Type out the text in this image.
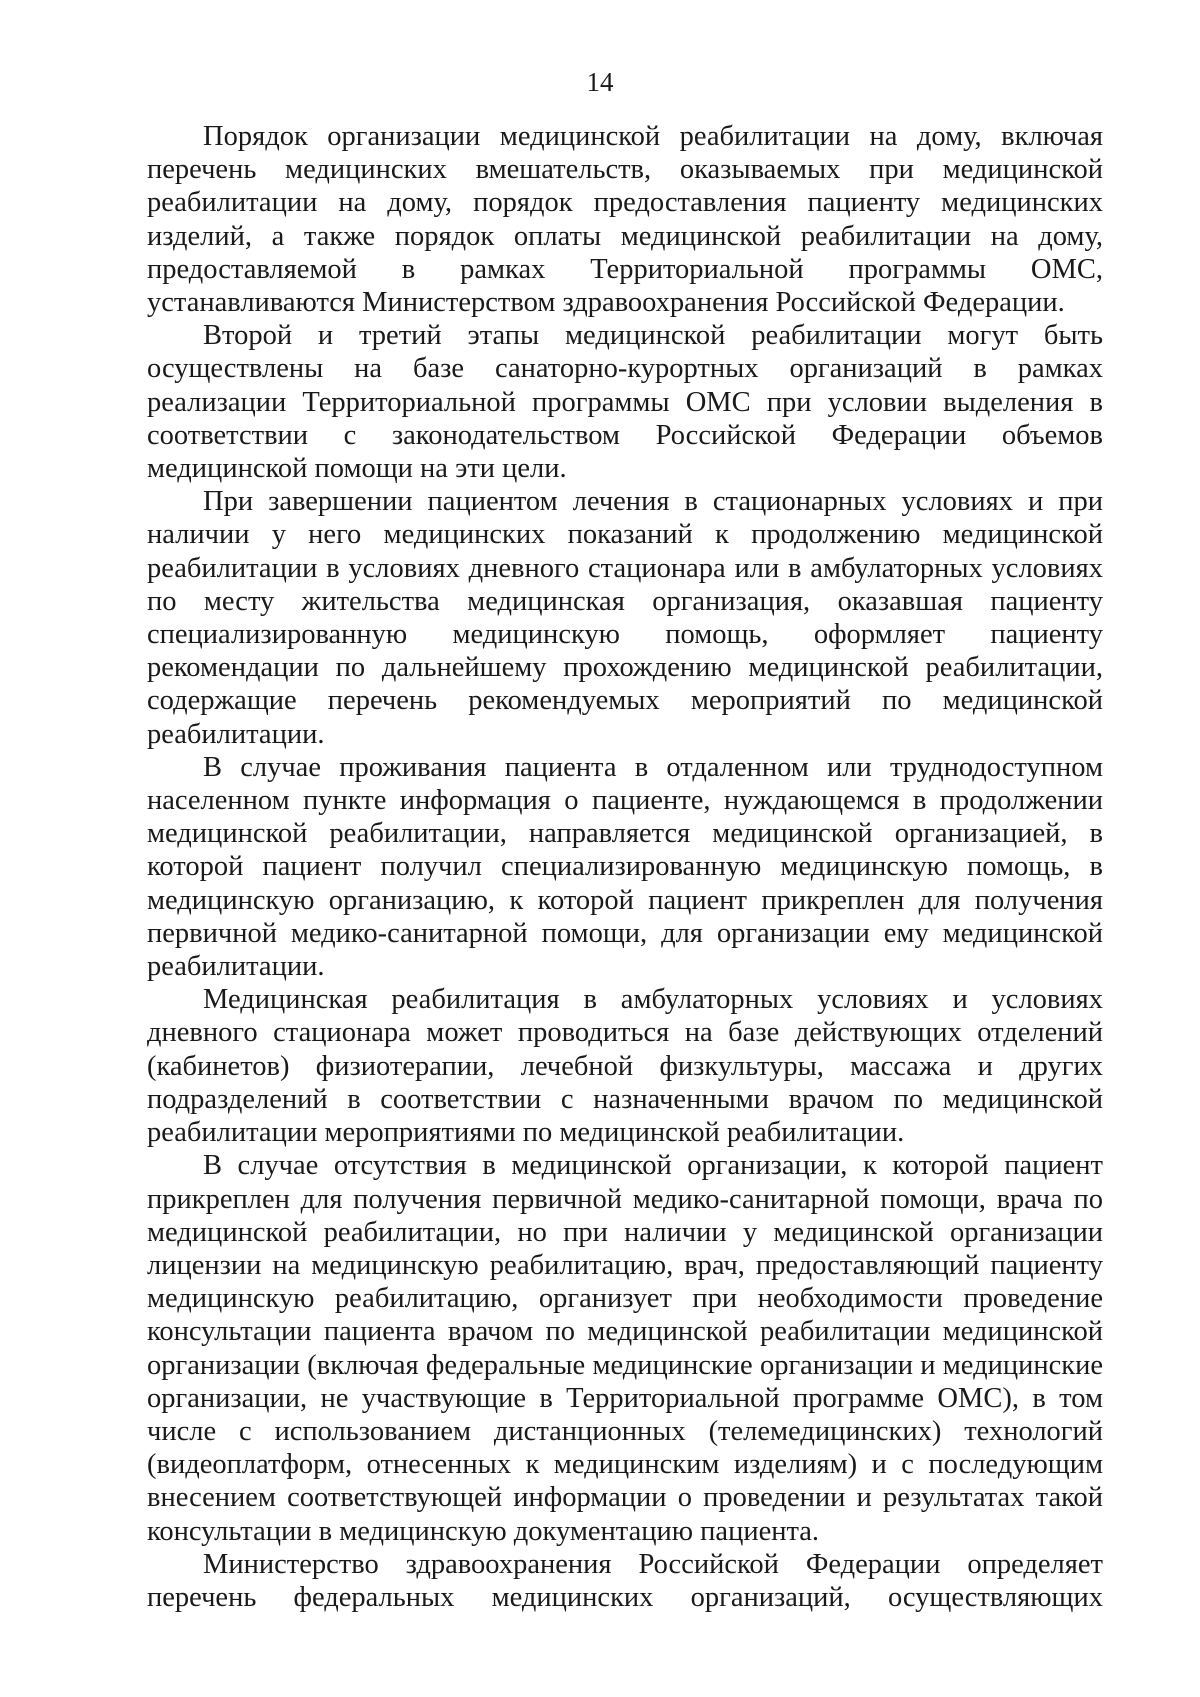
14

Порядок организации медицинской реабилитации на дому, включая перечень медицинских вмешательств, оказываемых при медицинской реабилитации на дому, порядок предоставления пациенту медицинских изделий, а также порядок оплаты медицинской реабилитации на дому, предоставляемой в рамках Территориальной программы ОМС, устанавливаются Министерством здравоохранения Российской Федерации.

Второй и третий этапы медицинской реабилитации могут быть осуществлены на базе санаторно-курортных организаций в рамках реализации Территориальной программы ОМС при условии выделения в соответствии с законодательством Российской Федерации объемов медицинской помощи на эти цели.

При завершении пациентом лечения в стационарных условиях и при наличии у него медицинских показаний к продолжению медицинской реабилитации в условиях дневного стационара или в амбулаторных условиях по месту жительства медицинская организация, оказавшая пациенту специализированную медицинскую помощь, оформляет пациенту рекомендации по дальнейшему прохождению медицинской реабилитации, содержащие перечень рекомендуемых мероприятий по медицинской реабилитации.

В случае проживания пациента в отдаленном или труднодоступном населенном пункте информация о пациенте, нуждающемся в продолжении медицинской реабилитации, направляется медицинской организацией, в которой пациент получил специализированную медицинскую помощь, в медицинскую организацию, к которой пациент прикреплен для получения первичной медико-санитарной помощи, для организации ему медицинской реабилитации.

Медицинская реабилитация в амбулаторных условиях и условиях дневного стационара может проводиться на базе действующих отделений (кабинетов) физиотерапии, лечебной физкультуры, массажа и других подразделений в соответствии с назначенными врачом по медицинской реабилитации мероприятиями по медицинской реабилитации.

В случае отсутствия в медицинской организации, к которой пациент прикреплен для получения первичной медико-санитарной помощи, врача по медицинской реабилитации, но при наличии у медицинской организации лицензии на медицинскую реабилитацию, врач, предоставляющий пациенту медицинскую реабилитацию, организует при необходимости проведение консультации пациента врачом по медицинской реабилитации медицинской организации (включая федеральные медицинские организации и медицинские организации, не участвующие в Территориальной программе ОМС), в том числе с использованием дистанционных (телемедицинских) технологий (видеоплатформ, отнесенных к медицинским изделиям) и с последующим внесением соответствующей информации о проведении и результатах такой консультации в медицинскую документацию пациента.

Министерство здравоохранения Российской Федерации определяет перечень федеральных медицинских организаций, осуществляющих
